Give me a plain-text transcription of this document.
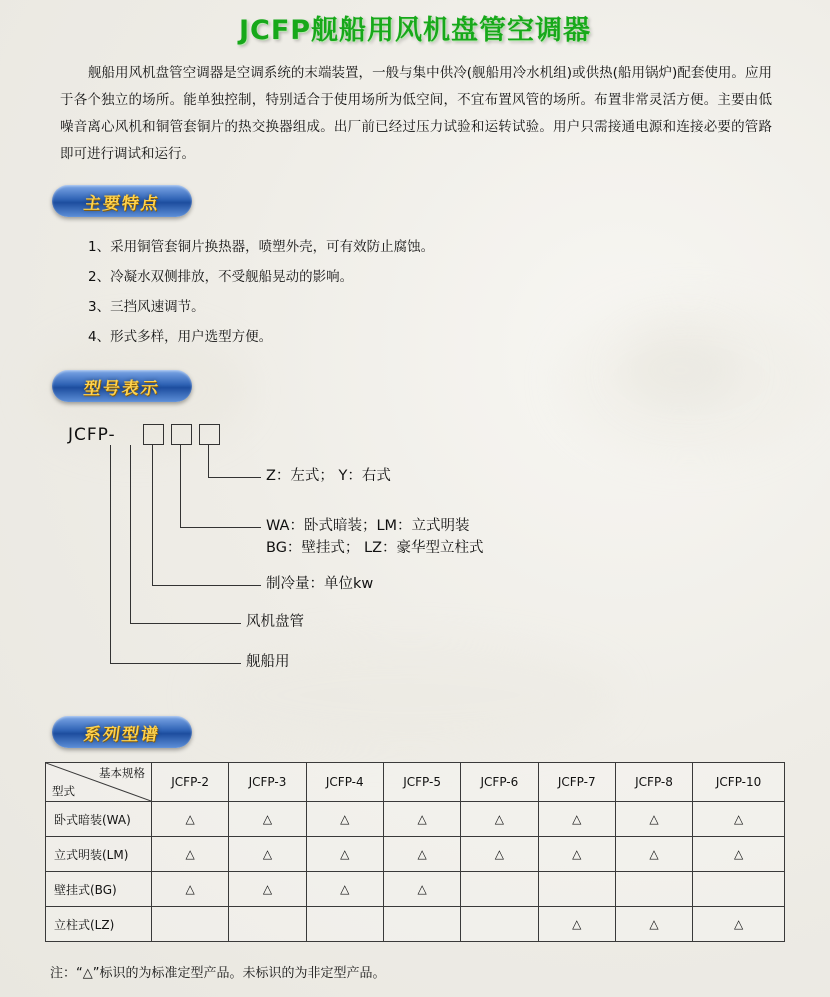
JCFP舰船用风机盘管空调器
舰船用风机盘管空调器是空调系统的末端装置，一般与集中供冷(舰船用冷水机组)或供热(船用锅炉)配套使用。应用于各个独立的场所。能单独控制，特别适合于使用场所为低空间，不宜布置风管的场所。布置非常灵活方便。主要由低噪音离心风机和铜管套铜片的热交换器组成。出厂前已经过压力试验和运转试验。用户只需接通电源和连接必要的管路即可进行调试和运行。
主要特点
1、采用铜管套铜片换热器，喷塑外壳，可有效防止腐蚀。
2、冷凝水双侧排放，不受舰船晃动的影响。
3、三挡风速调节。
4、形式多样，用户选型方便。
型号表示
JCFP-
Z：左式； Y：右式
WA：卧式暗装；LM：立式明装
BG：壁挂式； LZ：豪华型立柱式
制冷量：单位kw
风机盘管
舰船用
系列型谱
基本规格
型式	JCFP-2	JCFP-3	JCFP-4	JCFP-5	JCFP-6	JCFP-7	JCFP-8	JCFP-10
卧式暗装(WA)	△	△	△	△	△	△	△	△
立式明装(LM)	△	△	△	△	△	△	△	△
壁挂式(BG)	△	△	△	△				
立柱式(LZ)						△	△	△
注：“△”标识的为标准定型产品。未标识的为非定型产品。
